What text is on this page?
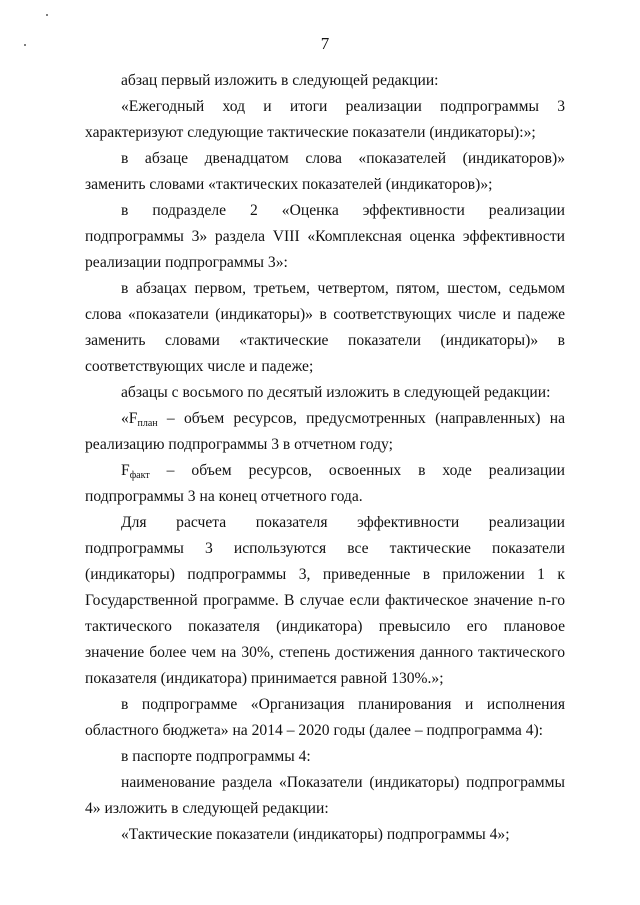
7

абзац первый изложить в следующей редакции:

«Ежегодный ход и итоги реализации подпрограммы 3 характеризуют следующие тактические показатели (индикаторы):»;

в абзаце двенадцатом слова «показателей (индикаторов)» заменить словами «тактических показателей (индикаторов)»;

в подразделе 2 «Оценка эффективности реализации подпрограммы 3» раздела VIII «Комплексная оценка эффективности реализации подпрограммы 3»:

в абзацах первом, третьем, четвертом, пятом, шестом, седьмом слова «показатели (индикаторы)» в соответствующих числе и падеже заменить словами «тактические показатели (индикаторы)» в соответствующих числе и падеже;

абзацы с восьмого по десятый изложить в следующей редакции:

«$F_{план}$ – объем ресурсов, предусмотренных (направленных) на реализацию подпрограммы 3 в отчетном году;

$F_{факт}$ – объем ресурсов, освоенных в ходе реализации подпрограммы 3 на конец отчетного года.

Для расчета показателя эффективности реализации подпрограммы 3 используются все тактические показатели (индикаторы) подпрограммы 3, приведенные в приложении 1 к Государственной программе. В случае если фактическое значение n-го тактического показателя (индикатора) превысило его плановое значение более чем на 30%, степень достижения данного тактического показателя (индикатора) принимается равной 130%.»;

в подпрограмме «Организация планирования и исполнения областного бюджета» на 2014 – 2020 годы (далее – подпрограмма 4):

в паспорте подпрограммы 4:

наименование раздела «Показатели (индикаторы) подпрограммы 4» изложить в следующей редакции:

«Тактические показатели (индикаторы) подпрограммы 4»;
